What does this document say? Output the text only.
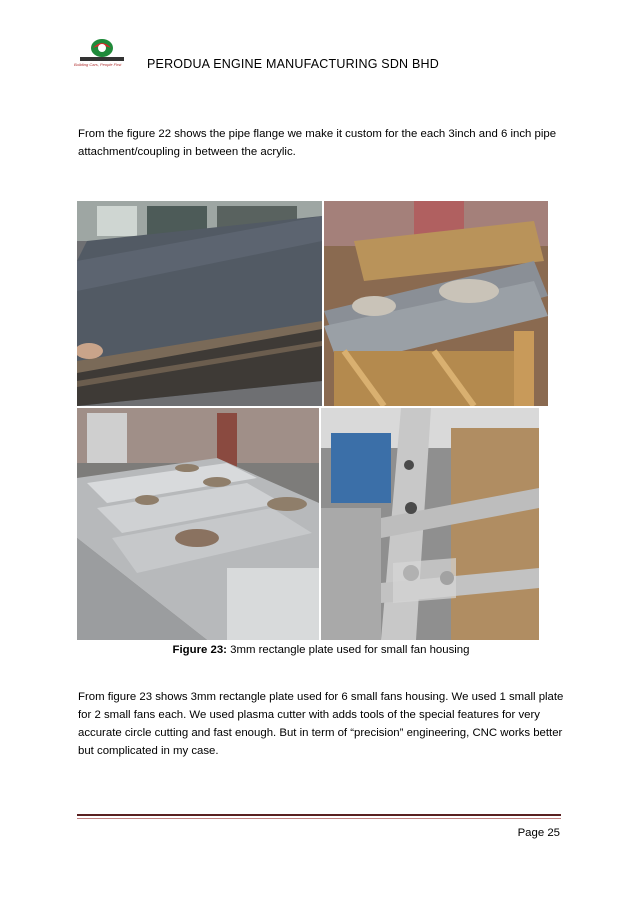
Building Cars, People First PERODUA ENGINE MANUFACTURING SDN BHD
From the figure 22 shows the pipe flange we make it custom for the each 3inch and 6 inch pipe attachment/coupling in between the acrylic.
Figure 23: 3mm rectangle plate used for small fan housing
From figure 23 shows 3mm rectangle plate used for 6 small fans housing. We used 1 small plate for 2 small fans each. We used plasma cutter with adds tools of the special features for very accurate circle cutting and fast enough. But in term of “precision” engineering, CNC works better but complicated in my case.
Page 25
